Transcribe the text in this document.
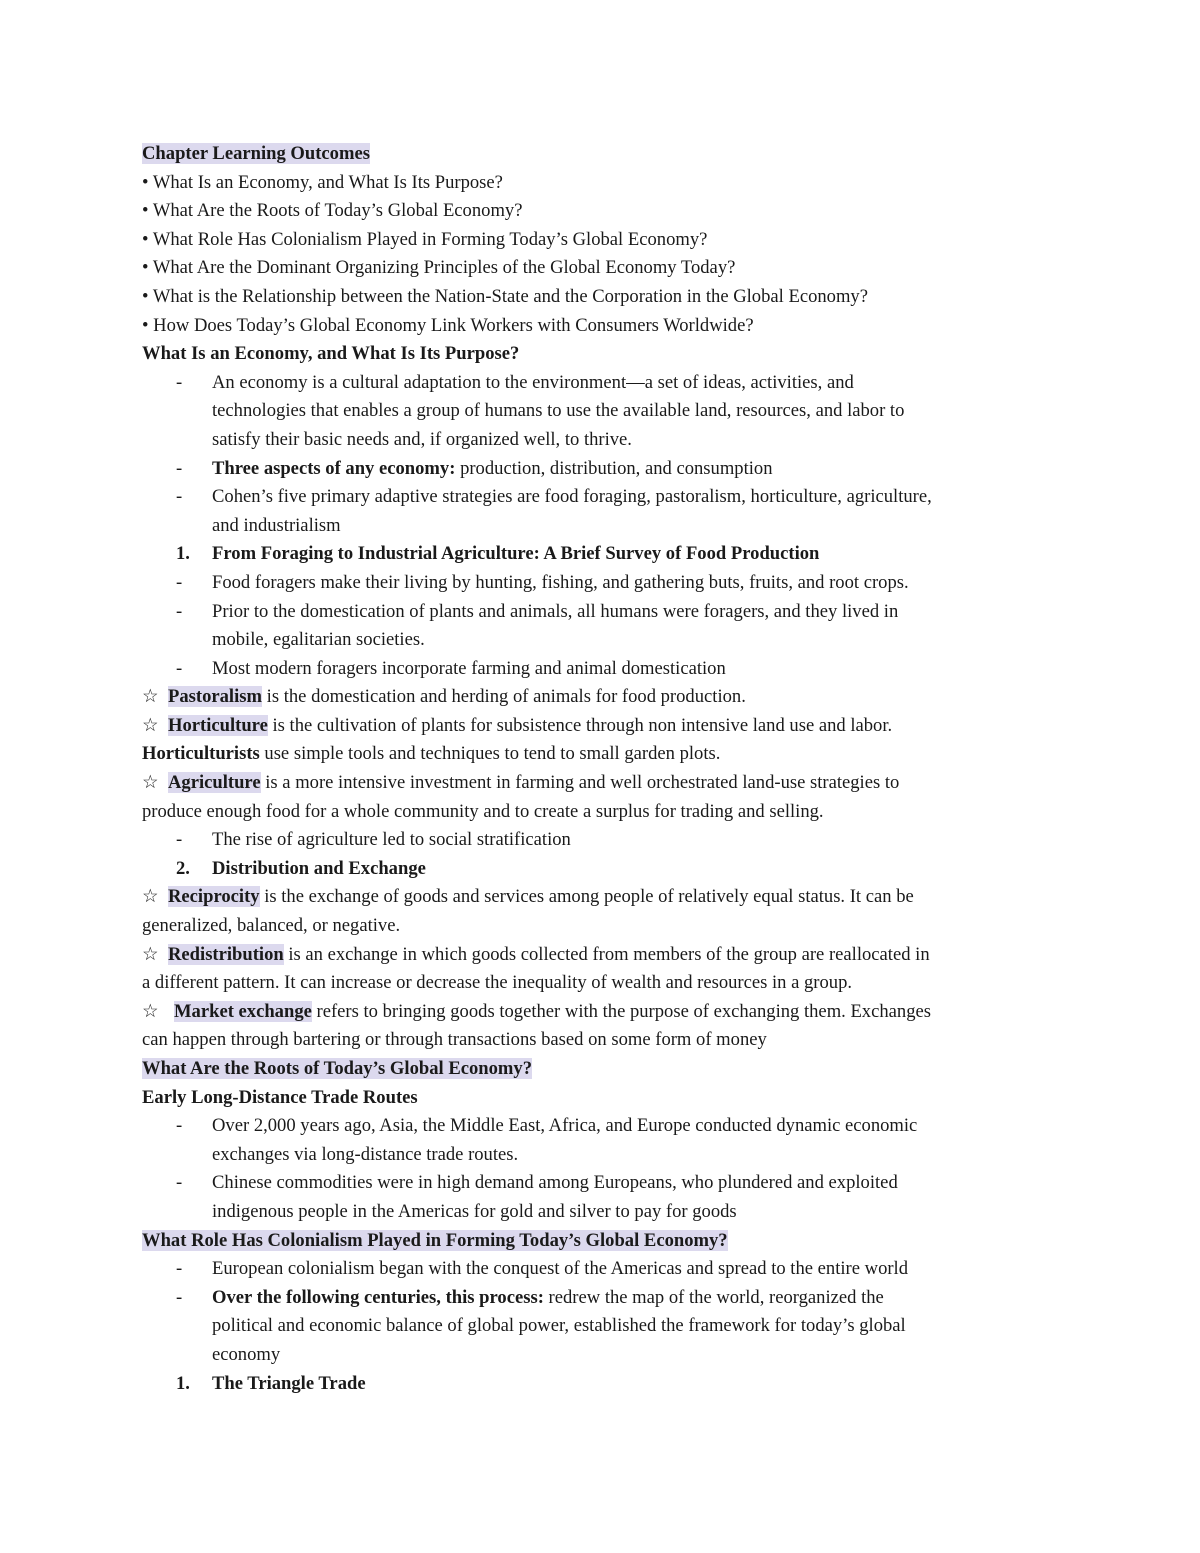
Chapter Learning Outcomes
• What Is an Economy, and What Is Its Purpose?
• What Are the Roots of Today’s Global Economy?
• What Role Has Colonialism Played in Forming Today’s Global Economy?
• What Are the Dominant Organizing Principles of the Global Economy Today?
• What is the Relationship between the Nation-State and the Corporation in the Global Economy?
• How Does Today’s Global Economy Link Workers with Consumers Worldwide?
What Is an Economy, and What Is Its Purpose?
- An economy is a cultural adaptation to the environment—a set of ideas, activities, and
technologies that enables a group of humans to use the available land, resources, and labor to
satisfy their basic needs and, if organized well, to thrive.
- Three aspects of any economy: production, distribution, and consumption
- Cohen’s five primary adaptive strategies are food foraging, pastoralism, horticulture, agriculture,
and industrialism
1. From Foraging to Industrial Agriculture: A Brief Survey of Food Production
- Food foragers make their living by hunting, fishing, and gathering buts, fruits, and root crops.
- Prior to the domestication of plants and animals, all humans were foragers, and they lived in
mobile, egalitarian societies.
- Most modern foragers incorporate farming and animal domestication
☆ Pastoralism is the domestication and herding of animals for food production.
☆ Horticulture is the cultivation of plants for subsistence through non intensive land use and labor.
Horticulturists use simple tools and techniques to tend to small garden plots.
☆ Agriculture is a more intensive investment in farming and well orchestrated land-use strategies to
produce enough food for a whole community and to create a surplus for trading and selling.
- The rise of agriculture led to social stratification
2. Distribution and Exchange
☆ Reciprocity is the exchange of goods and services among people of relatively equal status. It can be
generalized, balanced, or negative.
☆ Redistribution is an exchange in which goods collected from members of the group are reallocated in
a different pattern. It can increase or decrease the inequality of wealth and resources in a group.
☆ Market exchange refers to bringing goods together with the purpose of exchanging them. Exchanges
can happen through bartering or through transactions based on some form of money
What Are the Roots of Today’s Global Economy?
Early Long-Distance Trade Routes
- Over 2,000 years ago, Asia, the Middle East, Africa, and Europe conducted dynamic economic
exchanges via long-distance trade routes.
- Chinese commodities were in high demand among Europeans, who plundered and exploited
indigenous people in the Americas for gold and silver to pay for goods
What Role Has Colonialism Played in Forming Today’s Global Economy?
- European colonialism began with the conquest of the Americas and spread to the entire world
- Over the following centuries, this process: redrew the map of the world, reorganized the
political and economic balance of global power, established the framework for today’s global
economy
1. The Triangle Trade
